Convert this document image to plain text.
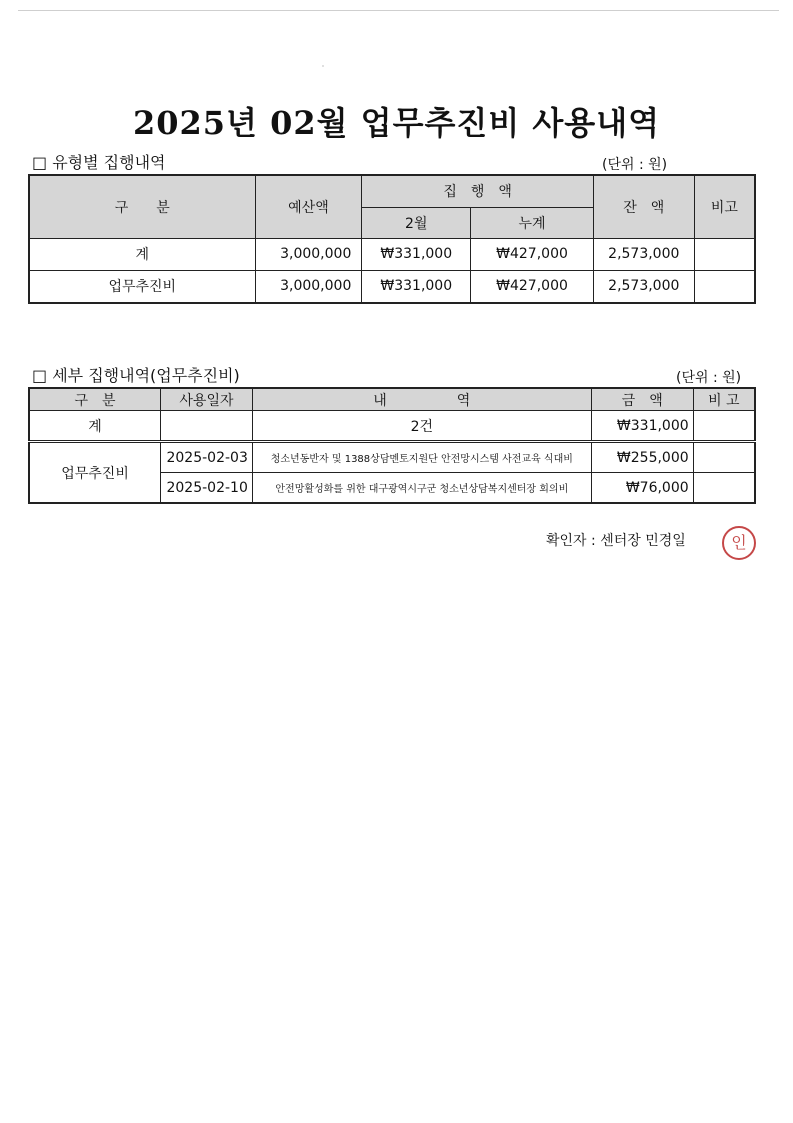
2025년 02월 업무추진비 사용내역
□ 유형별 집행내역	(단위 : 원)
구　　분	예산액	집　행　액		잔　액	비고
		2월	누계		
계	3,000,000	₩331,000	₩427,000	2,573,000	
업무추진비	3,000,000	₩331,000	₩427,000	2,573,000	
□ 세부 집행내역(업무추진비)	(단위 : 원)
구　분	사용일자	내　　　　　역	금　액	비 고
계		2건	₩331,000	
업무추진비	2025-02-03	청소년동반자 및 1388상담멘토지원단 안전망시스템 사전교육 식대비	₩255,000	
	2025-02-10	안전망활성화를 위한 대구광역시구군 청소년상담복지센터장 회의비	₩76,000	
확인자 : 센터장 민경일	인
